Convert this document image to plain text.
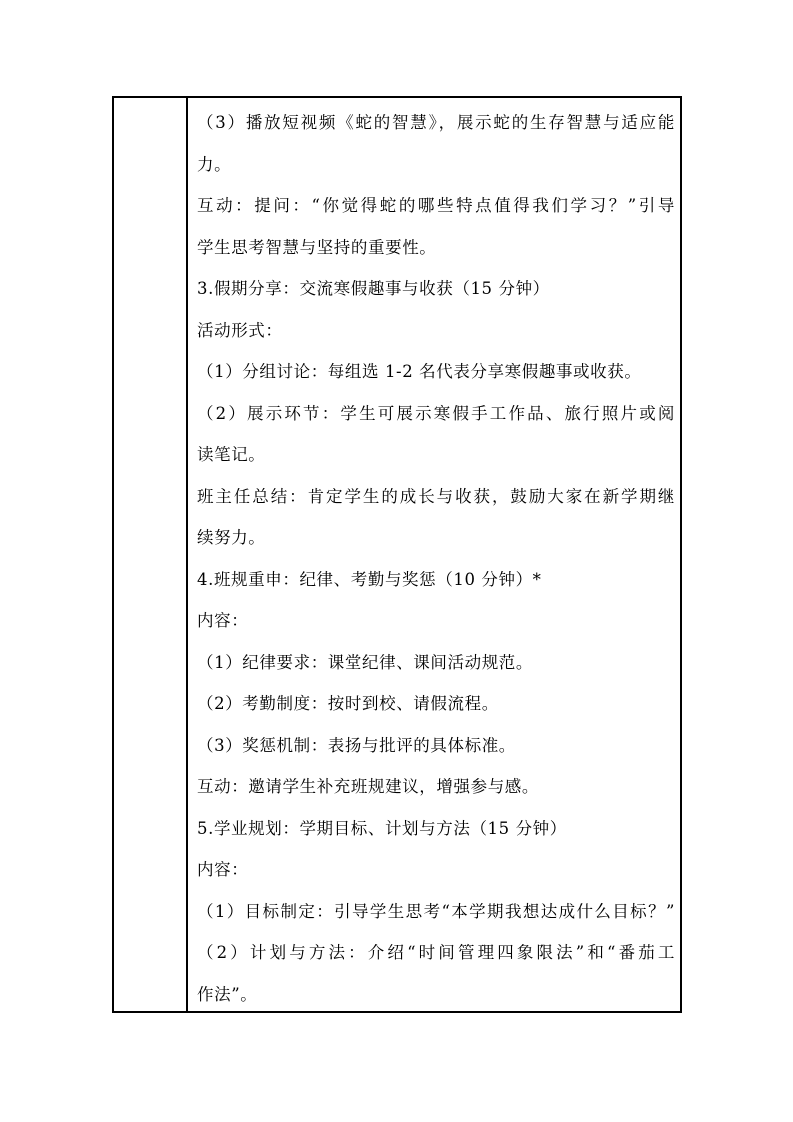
（3）播放短视频《蛇的智慧》，展示蛇的生存智慧与适应能
力。
互动：提问：“你觉得蛇的哪些特点值得我们学习？”引导
学生思考智慧与坚持的重要性。
3.假期分享：交流寒假趣事与收获（15 分钟）
活动形式：
（1）分组讨论：每组选 1-2 名代表分享寒假趣事或收获。
（2）展示环节：学生可展示寒假手工作品、旅行照片或阅
读笔记。
班主任总结：肯定学生的成长与收获，鼓励大家在新学期继
续努力。
4.班规重申：纪律、考勤与奖惩（10 分钟）*
内容：
（1）纪律要求：课堂纪律、课间活动规范。
（2）考勤制度：按时到校、请假流程。
（3）奖惩机制：表扬与批评的具体标准。
互动：邀请学生补充班规建议，增强参与感。
5.学业规划：学期目标、计划与方法（15 分钟）
内容：
（1）目标制定：引导学生思考“本学期我想达成什么目标？”
（2）计划与方法：介绍“时间管理四象限法”和“番茄工
作法”。
